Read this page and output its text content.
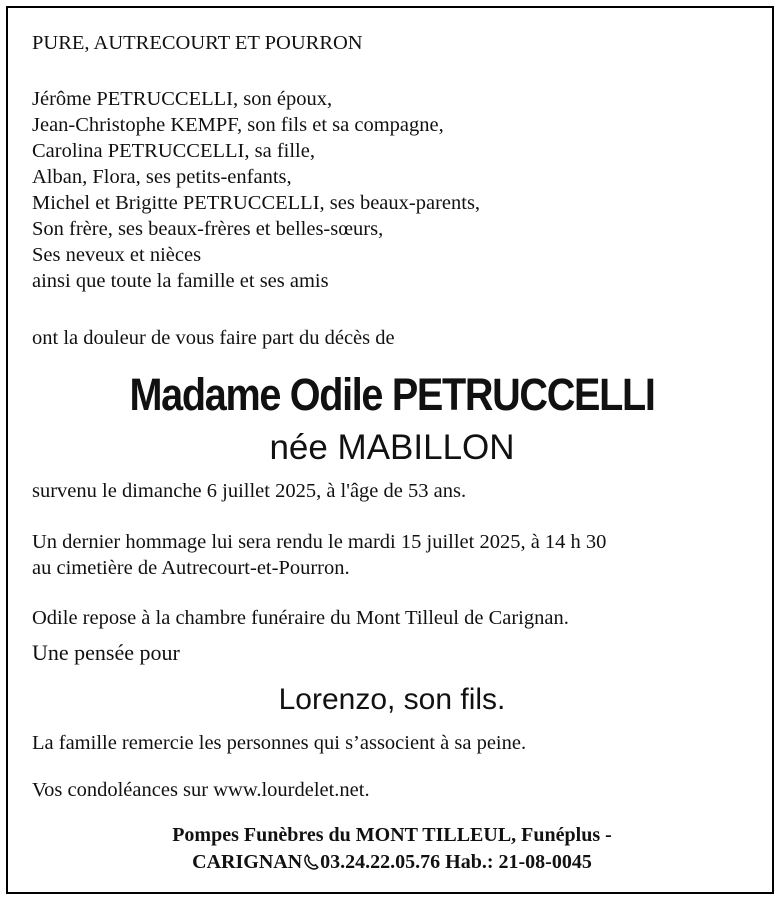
PURE, AUTRECOURT ET POURRON

Jérôme PETRUCCELLI, son époux,
Jean-Christophe KEMPF, son fils et sa compagne,
Carolina PETRUCCELLI, sa fille,
Alban, Flora, ses petits-enfants,
Michel et Brigitte PETRUCCELLI, ses beaux-parents,
Son frère, ses beaux-frères et belles-sœurs,
Ses neveux et nièces
ainsi que toute la famille et ses amis

ont la douleur de vous faire part du décès de

Madame Odile PETRUCCELLI
née MABILLON

survenu le dimanche 6 juillet 2025, à l'âge de 53 ans.

Un dernier hommage lui sera rendu le mardi 15 juillet 2025, à 14 h 30
au cimetière de Autrecourt-et-Pourron.

Odile repose à la chambre funéraire du Mont Tilleul de Carignan.

Une pensée pour

Lorenzo, son fils.

La famille remercie les personnes qui s’associent à sa peine.

Vos condoléances sur www.lourdelet.net.

Pompes Funèbres du MONT TILLEUL, Funéplus -
CARIGNAN 03.24.22.05.76 Hab.: 21-08-0045
